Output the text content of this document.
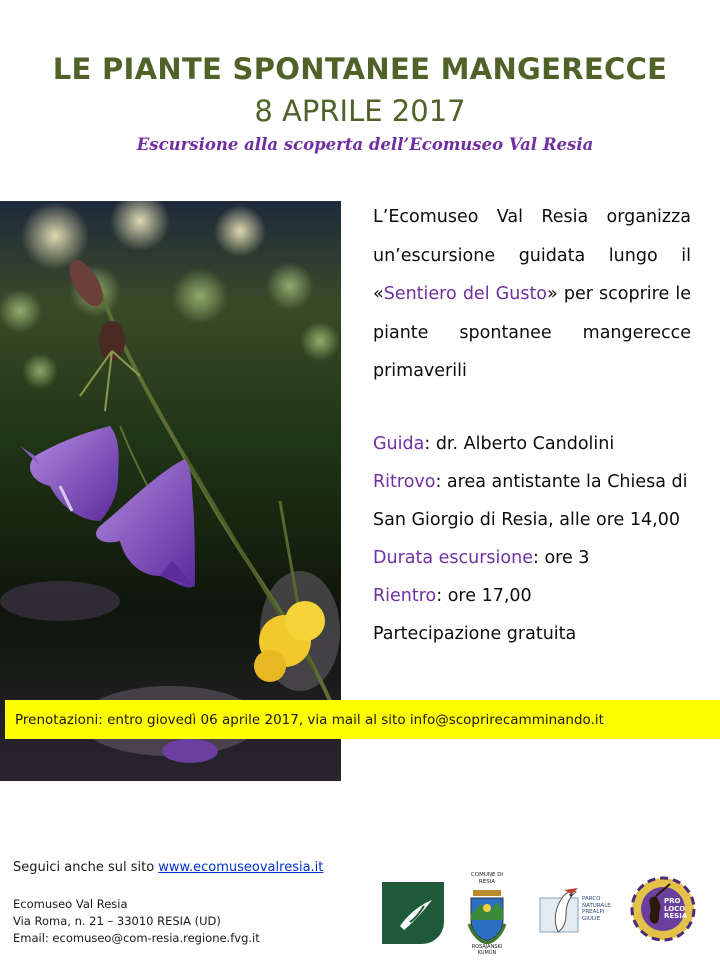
LE PIANTE SPONTANEE MANGERECCE
8 APRILE 2017
Escursione alla scoperta dell’Ecomuseo Val Resia
L’Ecomuseo Val Resia organizza un’escursione guidata lungo il «Sentiero del Gusto» per scoprire le piante spontanee mangerecce primaverili
Guida: dr. Alberto Candolini
Ritrovo: area antistante la Chiesa di San Giorgio di Resia, alle ore 14,00
Durata escursione: ore 3
Rientro: ore 17,00
Partecipazione gratuita
Prenotazioni: entro giovedì 06 aprile 2017, via mail al sito info@scoprirecamminando.it
Seguici anche sul sito www.ecomuseovalresia.it
Ecomuseo Val Resia
Via Roma, n. 21 – 33010 RESIA (UD)
Email: ecomuseo@com-resia.regione.fvg.it
COMUNE DI RESIA
ROSAJANSKI KUMÜN
PARCO
NATURALE
PREALPI
GIULIE
PRO
LOCO
RESIA
